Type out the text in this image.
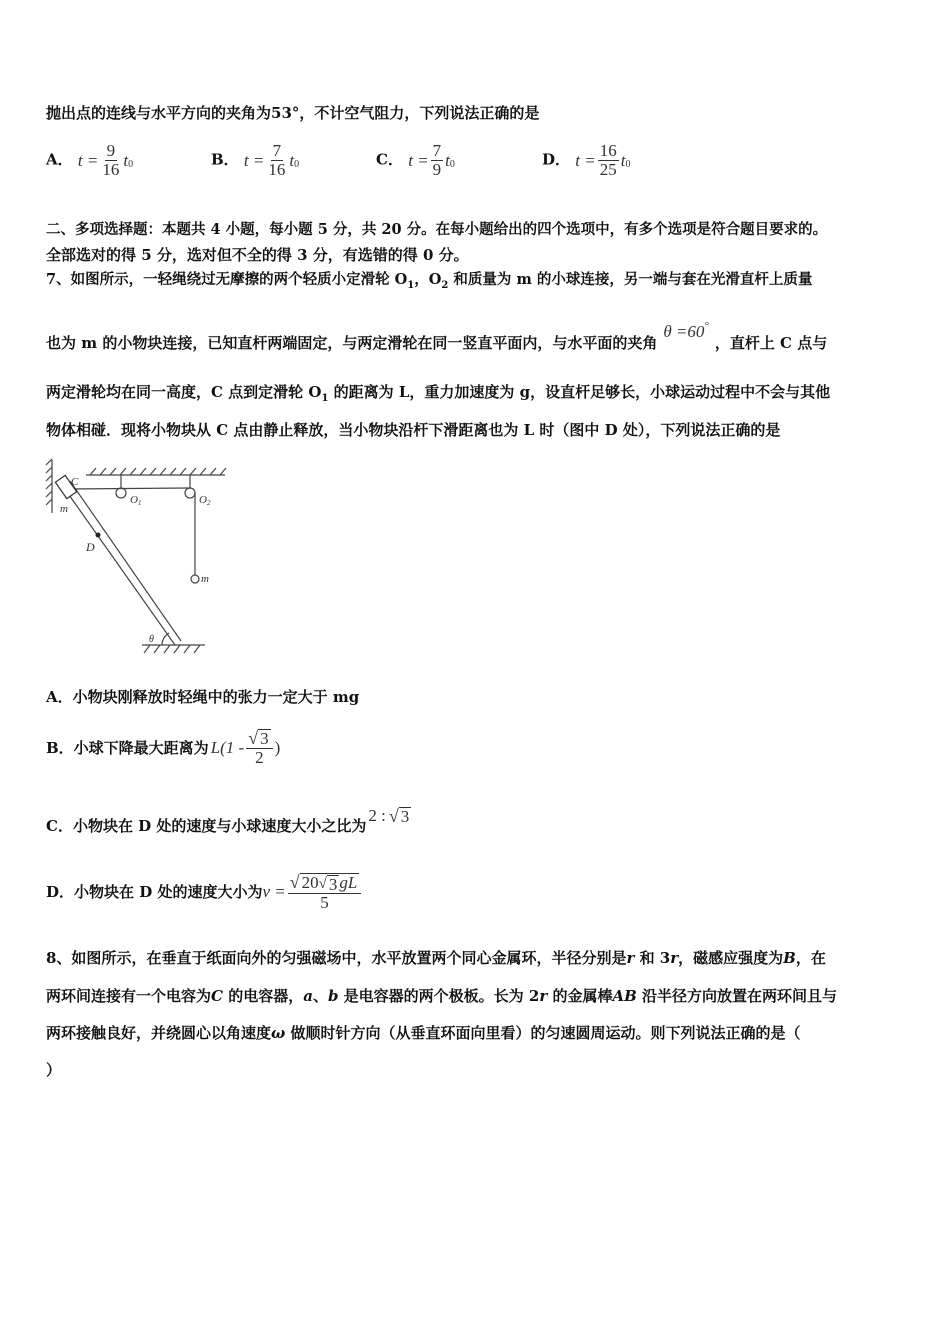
抛出点的连线与水平方向的夹角为53°，不计空气阻力，下列说法正确的是
A． $t = \frac{9}{16}$ t 0	B． $t = \frac{7}{16}$ t 0	C． $t = \frac{7}{9}$ t 0	D． $t = \frac{16}{25}$ t 0
二、多项选择题：本题共 4 小题，每小题 5 分，共 20 分。在每小题给出的四个选项中，有多个选项是符合题目要求的。
全部选对的得 5 分，选对但不全的得 3 分，有选错的得 0 分。
7、如图所示，一轻绳绕过无摩擦的两个轻质小定滑轮 $O_1$，$O_2$ 和质量为 m 的小球连接，另一端与套在光滑直杆上质量
也为 m 的小物块连接，已知直杆两端固定，与两定滑轮在同一竖直平面内，与水平面的夹角
θ =60 °
，直杆上 C 点与
两定滑轮均在同一高度，C 点到定滑轮 $O_1$ 的距离为 L，重力加速度为 g，设直杆足够长，小球运动过程中不会与其他
物体相碰．现将小物块从 C 点由静止释放，当小物块沿杆下滑距离也为 L 时（图中 D 处），下列说法正确的是
C
m
O1	O2
D
m
θ
A．小物块刚释放时轻绳中的张力一定大于 mg
B．小球下降最大距离为 $L(1 - \frac{√ 3}{2}$ )
C．小物块在 D 处的速度与小球速度大小之比为
2 : √ 3
D．小物块在 D 处的速度大小为 $v = \frac{√ 20 √ 3 gL}{5}$
8、如图所示，在垂直于纸面向外的匀强磁场中，水平放置两个同心金属环，半径分别是r 和 3r，磁感应强度为B，在
两环间连接有一个电容为C 的电容器，a、b 是电容器的两个极板。长为 2r 的金属棒AB 沿半径方向放置在两环间且与
两环接触良好，并绕圆心以角速度ω 做顺时针方向（从垂直环面向里看）的匀速圆周运动。则下列说法正确的是（
）
